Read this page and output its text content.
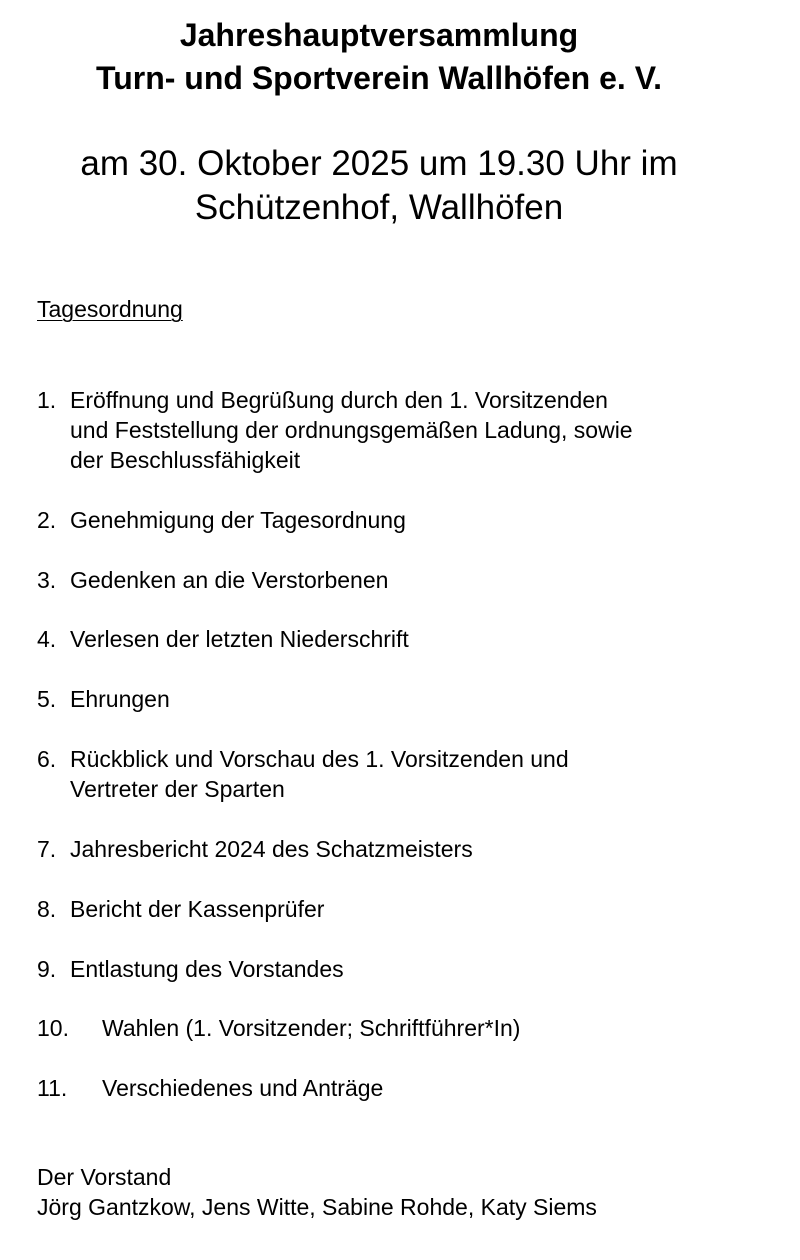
Jahreshauptversammlung
Turn- und Sportverein Wallhöfen e. V.
am 30. Oktober 2025 um 19.30 Uhr im
Schützenhof, Wallhöfen
Tagesordnung
1. Eröffnung und Begrüßung durch den 1. Vorsitzenden
und Feststellung der ordnungsgemäßen Ladung, sowie
der Beschlussfähigkeit
2. Genehmigung der Tagesordnung
3. Gedenken an die Verstorbenen
4. Verlesen der letzten Niederschrift
5. Ehrungen
6. Rückblick und Vorschau des 1. Vorsitzenden und
Vertreter der Sparten
7. Jahresbericht 2024 des Schatzmeisters
8. Bericht der Kassenprüfer
9. Entlastung des Vorstandes
10. Wahlen (1. Vorsitzender; Schriftführer*In)
11. Verschiedenes und Anträge
Der Vorstand
Jörg Gantzkow, Jens Witte, Sabine Rohde, Katy Siems
